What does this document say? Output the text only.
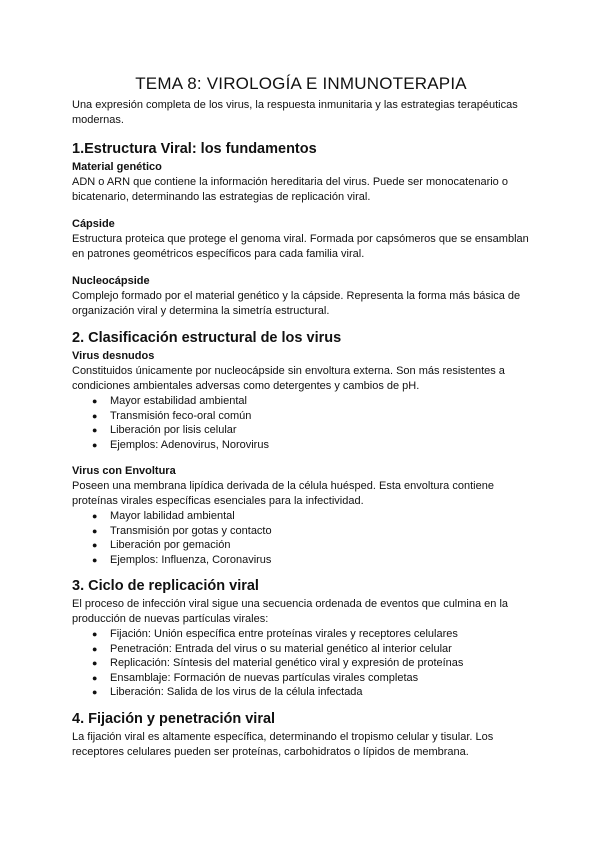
TEMA 8: VIROLOGÍA E INMUNOTERAPIA

Una expresión completa de los virus, la respuesta inmunitaria y las estrategias terapéuticas modernas.

1.Estructura Viral: los fundamentos
Material genético

ADN o ARN que contiene la información hereditaria del virus. Puede ser monocatenario o bicatenario, determinando las estrategias de replicación viral.

Cápside

Estructura proteica que protege el genoma viral. Formada por capsómeros que se ensamblan en patrones geométricos específicos para cada familia viral.

Nucleocápside

Complejo formado por el material genético y la cápside. Representa la forma más básica de organización viral y determina la simetría estructural.

2. Clasificación estructural de los virus
Virus desnudos

Constituidos únicamente por nucleocápside sin envoltura externa. Son más resistentes a condiciones ambientales adversas como detergentes y cambios de pH.

●	Mayor estabilidad ambiental
●	Transmisión feco-oral común
●	Liberación por lisis celular
●	Ejemplos: Adenovirus, Norovirus
Virus con Envoltura

Poseen una membrana lipídica derivada de la célula huésped. Esta envoltura contiene proteínas virales específicas esenciales para la infectividad.

●	Mayor labilidad ambiental
●	Transmisión por gotas y contacto
●	Liberación por gemación
●	Ejemplos: Influenza, Coronavirus
3. Ciclo de replicación viral

El proceso de infección viral sigue una secuencia ordenada de eventos que culmina en la producción de nuevas partículas virales:

●	Fijación: Unión específica entre proteínas virales y receptores celulares
●	Penetración: Entrada del virus o su material genético al interior celular
●	Replicación: Síntesis del material genético viral y expresión de proteínas
●	Ensamblaje: Formación de nuevas partículas virales completas
●	Liberación: Salida de los virus de la célula infectada
4. Fijación y penetración viral

La fijación viral es altamente específica, determinando el tropismo celular y tisular. Los receptores celulares pueden ser proteínas, carbohidratos o lípidos de membrana.
